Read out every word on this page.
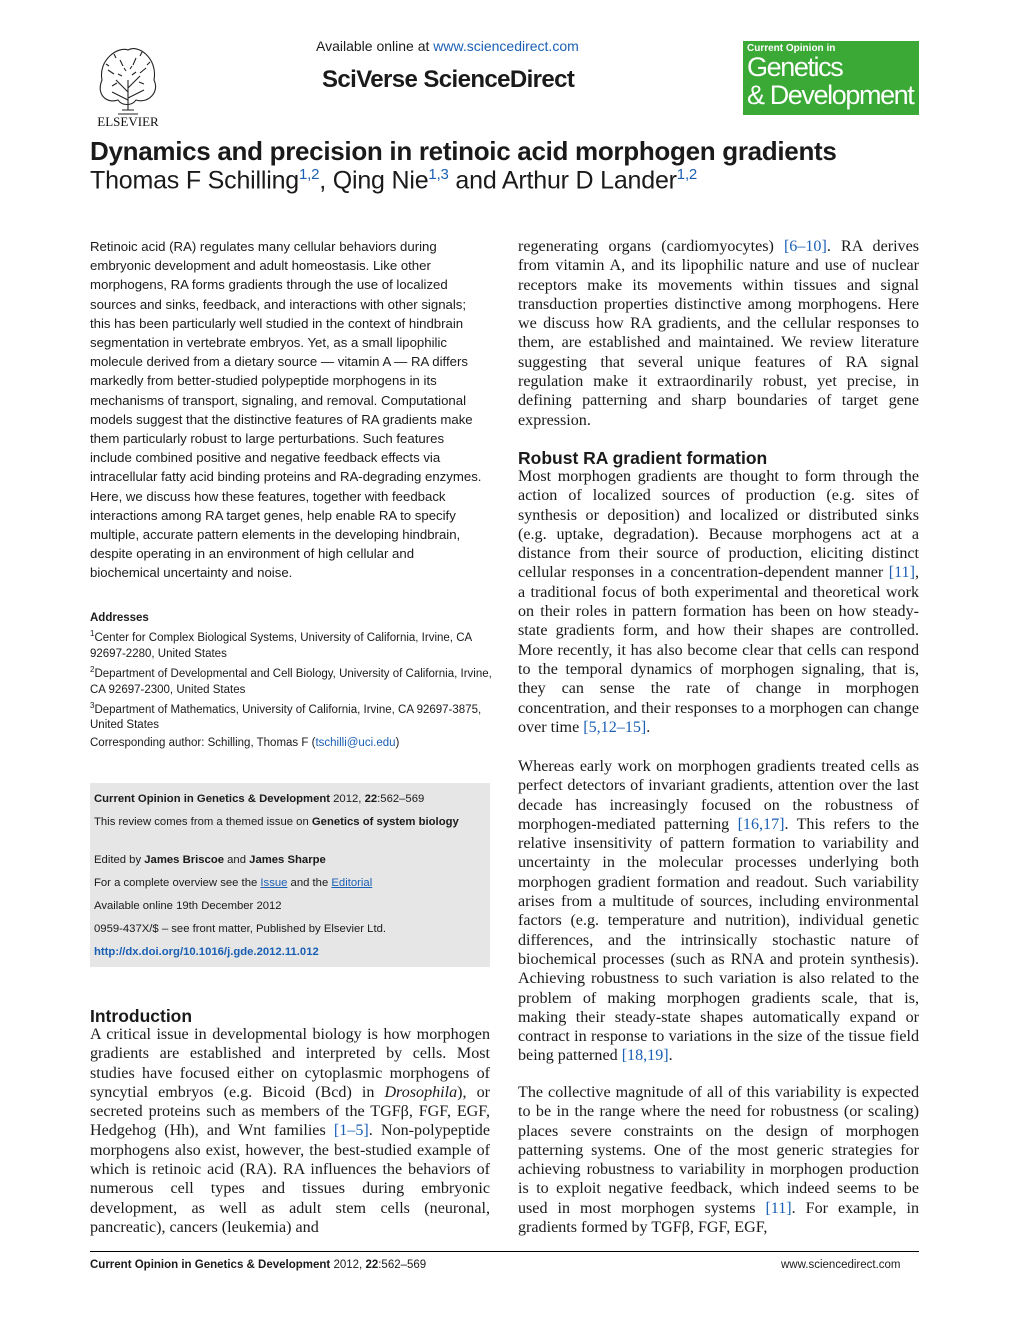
ELSEVIER
Available online at www.sciencedirect.com
SciVerse ScienceDirect
Current Opinion in
Genetics
& Development
Dynamics and precision in retinoic acid morphogen gradients
Thomas F Schilling$^{1,2}$, Qing Nie$^{1,3}$ and Arthur D Lander$^{1,2}$
Retinoic acid (RA) regulates many cellular behaviors during embryonic development and adult homeostasis. Like other morphogens, RA forms gradients through the use of localized sources and sinks, feedback, and interactions with other signals; this has been particularly well studied in the context of hindbrain segmentation in vertebrate embryos. Yet, as a small lipophilic molecule derived from a dietary source — vitamin A — RA differs markedly from better-studied polypeptide morphogens in its mechanisms of transport, signaling, and removal. Computational models suggest that the distinctive features of RA gradients make them particularly robust to large perturbations. Such features include combined positive and negative feedback effects via intracellular fatty acid binding proteins and RA-degrading enzymes. Here, we discuss how these features, together with feedback interactions among RA target genes, help enable RA to specify multiple, accurate pattern elements in the developing hindbrain, despite operating in an environment of high cellular and biochemical uncertainty and noise.
Addresses
$^1$Center for Complex Biological Systems, University of California, Irvine, CA 92697-2280, United States
$^2$Department of Developmental and Cell Biology, University of California, Irvine, CA 92697-2300, United States
$^3$Department of Mathematics, University of California, Irvine, CA 92697-3875, United States
Corresponding author: Schilling, Thomas F (tschilli@uci.edu)
Current Opinion in Genetics & Development 2012, 22:562–569
This review comes from a themed issue on Genetics of system biology
Edited by James Briscoe and James Sharpe
For a complete overview see the Issue and the Editorial
Available online 19th December 2012
0959-437X/$ – see front matter, Published by Elsevier Ltd.
http://dx.doi.org/10.1016/j.gde.2012.11.012
Introduction
A critical issue in developmental biology is how morphogen gradients are established and interpreted by cells. Most studies have focused either on cytoplasmic morphogens of syncytial embryos (e.g. Bicoid (Bcd) in Drosophila), or secreted proteins such as members of the TGFβ, FGF, EGF, Hedgehog (Hh), and Wnt families [1–5]. Non-polypeptide morphogens also exist, however, the best-studied example of which is retinoic acid (RA). RA influences the behaviors of numerous cell types and tissues during embryonic development, as well as adult stem cells (neuronal, pancreatic), cancers (leukemia) and
regenerating organs (cardiomyocytes) [6–10]. RA derives from vitamin A, and its lipophilic nature and use of nuclear receptors make its movements within tissues and signal transduction properties distinctive among morphogens. Here we discuss how RA gradients, and the cellular responses to them, are established and maintained. We review literature suggesting that several unique features of RA signal regulation make it extraordinarily robust, yet precise, in defining patterning and sharp boundaries of target gene expression.
Robust RA gradient formation
Most morphogen gradients are thought to form through the action of localized sources of production (e.g. sites of synthesis or deposition) and localized or distributed sinks (e.g. uptake, degradation). Because morphogens act at a distance from their source of production, eliciting distinct cellular responses in a concentration-dependent manner [11], a traditional focus of both experimental and theoretical work on their roles in pattern formation has been on how steady-state gradients form, and how their shapes are controlled. More recently, it has also become clear that cells can respond to the temporal dynamics of morphogen signaling, that is, they can sense the rate of change in morphogen concentration, and their responses to a morphogen can change over time [5,12–15].
Whereas early work on morphogen gradients treated cells as perfect detectors of invariant gradients, attention over the last decade has increasingly focused on the robustness of morphogen-mediated patterning [16,17]. This refers to the relative insensitivity of pattern formation to variability and uncertainty in the molecular processes underlying both morphogen gradient formation and readout. Such variability arises from a multitude of sources, including environmental factors (e.g. temperature and nutrition), individual genetic differences, and the intrinsically stochastic nature of biochemical processes (such as RNA and protein synthesis). Achieving robustness to such variation is also related to the problem of making morphogen gradients scale, that is, making their steady-state shapes automatically expand or contract in response to variations in the size of the tissue field being patterned [18,19].
The collective magnitude of all of this variability is expected to be in the range where the need for robustness (or scaling) places severe constraints on the design of morphogen patterning systems. One of the most generic strategies for achieving robustness to variability in morphogen production is to exploit negative feedback, which indeed seems to be used in most morphogen systems [11]. For example, in gradients formed by TGFβ, FGF, EGF,
Current Opinion in Genetics & Development 2012, 22:562–569	www.sciencedirect.com
